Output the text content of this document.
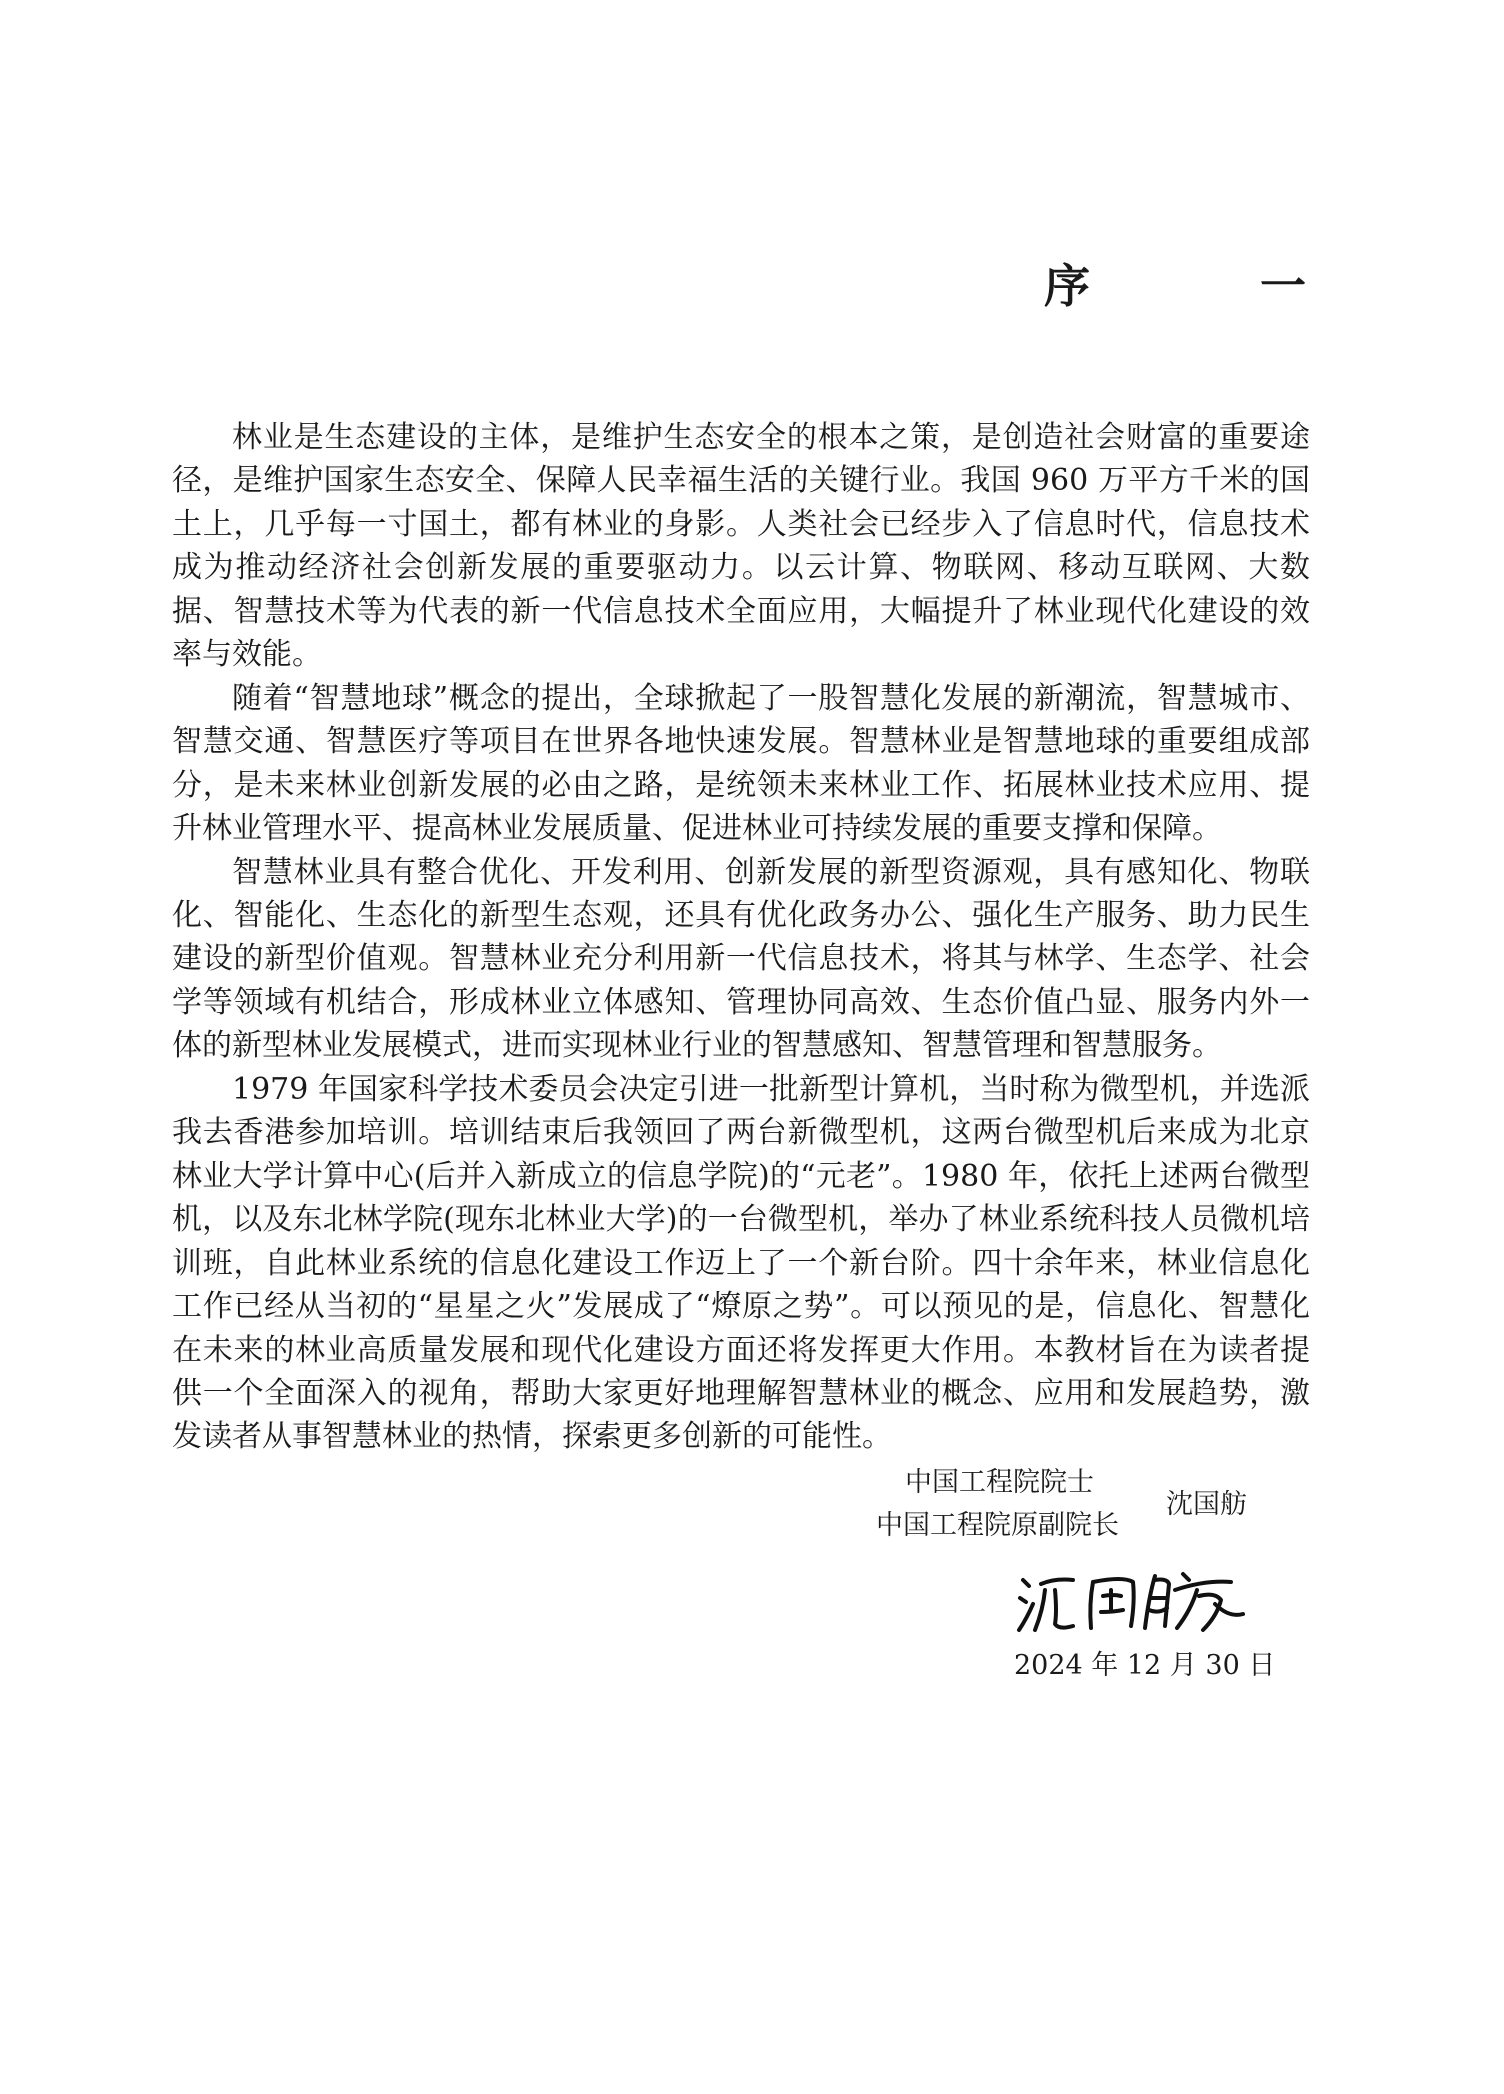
序　一

林业是生态建设的主体，是维护生态安全的根本之策，是创造社会财富的重要途径，是维护国家生态安全、保障人民幸福生活的关键行业。我国 960 万平方千米的国土上，几乎每一寸国土，都有林业的身影。人类社会已经步入了信息时代，信息技术成为推动经济社会创新发展的重要驱动力。以云计算、物联网、移动互联网、大数据、智慧技术等为代表的新一代信息技术全面应用，大幅提升了林业现代化建设的效率与效能。

随着“智慧地球”概念的提出，全球掀起了一股智慧化发展的新潮流，智慧城市、智慧交通、智慧医疗等项目在世界各地快速发展。智慧林业是智慧地球的重要组成部分，是未来林业创新发展的必由之路，是统领未来林业工作、拓展林业技术应用、提升林业管理水平、提高林业发展质量、促进林业可持续发展的重要支撑和保障。

智慧林业具有整合优化、开发利用、创新发展的新型资源观，具有感知化、物联化、智能化、生态化的新型生态观，还具有优化政务办公、强化生产服务、助力民生建设的新型价值观。智慧林业充分利用新一代信息技术，将其与林学、生态学、社会学等领域有机结合，形成林业立体感知、管理协同高效、生态价值凸显、服务内外一体的新型林业发展模式，进而实现林业行业的智慧感知、智慧管理和智慧服务。

1979 年国家科学技术委员会决定引进一批新型计算机，当时称为微型机，并选派我去香港参加培训。培训结束后我领回了两台新微型机，这两台微型机后来成为北京林业大学计算中心(后并入新成立的信息学院)的“元老”。1980 年，依托上述两台微型机，以及东北林学院(现东北林业大学)的一台微型机，举办了林业系统科技人员微机培训班，自此林业系统的信息化建设工作迈上了一个新台阶。四十余年来，林业信息化工作已经从当初的“星星之火”发展成了“燎原之势”。可以预见的是，信息化、智慧化在未来的林业高质量发展和现代化建设方面还将发挥更大作用。本教材旨在为读者提供一个全面深入的视角，帮助大家更好地理解智慧林业的概念、应用和发展趋势，激发读者从事智慧林业的热情，探索更多创新的可能性。

中国工程院院士
中国工程院原副院长
沈国舫
2024 年 12 月 30 日
